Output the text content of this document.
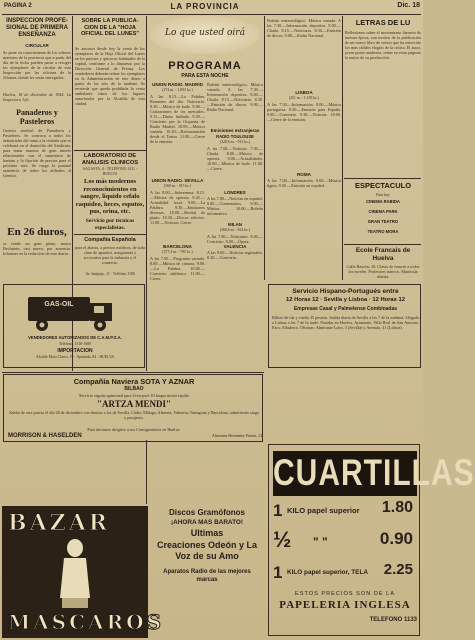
PAGINA 2	LA PROVINCIA	Dic. 18
INSPECCION PROFE-SIONAL DE PRIMERA ENSEÑANZA
CIRCULAR
Se pone en conocimiento de los señores maestros de la provincia que a partir del día de la fecha pueden pasar a recoger los ejemplares de la circular de esta Inspección por las oficinas de la Jefatura, donde les serán entregados.
Huelva, 18 de diciembre de 1944. La Inspectora Jefe.
Panaderos y Pasteleros
Gremio sindical de Panaderos y Pasteleros. Se convoca a todos los industriales del ramo a la reunión que se celebrará en el domicilio del Sindicato, para tratar asuntos de gran interés relacionados con el suministro de harinas y la fijación de precios para el próximo mes. Se ruega la puntual asistencia de todos los afiliados al Gremio.
En 26 duros,
se vende un gran piano, marca Bechstein, casi nuevo, por ausencia. Informes en la redacción de este diario.
GAS-OIL
VENDEDORES AUTORIZADOS DE C.A.M.P.S.A.
Teléfono, 1316-1680
IMPORTACION
Alcalde Mora Claros, 19 · Apartado, 84 · HUELVA
SOBRE LA PUBLICA-CION DE LA "HOJA OFICIAL DEL LUNES"
Se autoriza desde hoy la venta de los ejemplares de la Hoja Oficial del Lunes en los puestos y quioscos habituales de la capital, conforme a lo dispuesto por la Dirección General de Prensa. Los vendedores deberán retirar los ejemplares en la Administración de este diario a partir de las seis de la mañana. Se recuerda que queda prohibida la venta ambulante fuera de los lugares autorizados por la Alcaldía de esta ciudad.
LABORATORIO DE ANALISIS CLINICOS
SAGASTA, 4 - TELEFONO 1411 - HUELVA
Los más modernos reconocimientos en sangre, líquido cefalo raquídeo, heces, esputos, pus, orina, etc.
Servicio por técnicos especialistas.
Compañía Española
para el abasto, a precios módicos, de toda clase de aparatos, maquinaria y accesorios para la industria y el comercio.
Av. Sanjurjo, 11 · Teléfono 1180
Lo que usted oirá
PROGRAMA
PARA ESTA NOCHE
UNION RADIO. MADRID
(274 m. - 1.093 kc.)
A las 8.15.—La Palabra. Resumen del día. Noticiario. 8.30.—Música de baile. 9.00.—Cotizaciones de los mercados. 9.15.—Diario hablado. 9.30.—Concierto por la Orquesta de Radio Madrid. 10.00.—Música variada. 10.30.—Retransmisión desde el Teatro. 11.00.—Cierre de la emisión.
UNION RADIO. SEVILLA
(368 m. - 815 kc.)
A las 8.00.—Sobremesa. 8.15.—Música de opereta. 8.45.—Actualidad local. 9.00.—La Palabra. 9.30.—Emisiones diversas. 10.00.—Recital de piano. 10.30.—Discos selectos. 11.00.—Noticias. Cierre.
BARCELONA
(377,4 m. - 795 kc.)
A las 7.00.—Programa variado. 8.00.—Música de cámara. 9.00.—La Palabra. 10.00.—Concierto sinfónico. 11.00.—Cierre.
VALENCIA
A las 8.00.—Noticias regionales. 8.30.—Concierto.
Boletín meteorológico. Música variada. A las 7.30.—Información deportiva. 8.00.—Charla. 8.15.—Noticiario. 8.30.—Emisión de discos. 9.00.—Radio Nacional.
Emisiones extranjeras
RADIO TOULOUSE
(328,6 m. - 913 kc.)
A las 7.00.—Noticias. 7.30.—Charla. 8.00.—Música de opereta. 9.00.—Actualidades. 10.00.—Música de baile. 11.00.—Cierre.
LONDRES
A las 7.00.—Noticias en español. 8.00.—Comentarios. 9.00.—Música. 10.00.—Boletín informativo.
MILAN
(368,6 m. - 814 kc.)
A las 7.00.—Noticiario. 8.00.—Concierto. 9.00.—Ópera.
Boletín meteorológico. Música variada. A las 7.30.—Información deportiva. 8.00.—Charla. 8.15.—Noticiario. 8.30.—Emisión de discos. 9.00.—Radio Nacional.
LISBOA
(251 m. - 1.195 kc.)
A las 7.30.—Información. 8.00.—Música portuguesa. 8.30.—Emisión para España. 9.00.—Concierto. 9.30.—Noticias. 10.00.—Cierre de la emisión.
ROMA
A las 7.00.—Información. 8.00.—Música ligera. 9.00.—Emisión en español.
LETRAS DE LU
Reflexiones sobre el movimiento literario de nuestra época, con motivo de la publicación de un nuevo libro de versos que ha merecido los más cálidos elogios de la crítica. El autor, joven poeta onubense, reúne en estas páginas lo mejor de su producción.
ESPECTACULO
Para hoy
CINEMA RABIDA
CINEMA PARK
GRAN TEATRO
TEATRO MORA
Ecole Francais de Huelva
Calle Rascón, 18. Clases de francés a todos los niveles. Profesores nativos. Matrícula abierta.
Servicio Hispano-Portugués entre
12 Horas 12 · Sevilla y Lisboa · 12 Horas 12
Empresas Casal y Palmelense Combinadas
Billete de ida y vuelta 45 pesetas. Salida diaria de Sevilla a las 7 de la mañana. Llegada a Lisboa a las 7 de la tarde. Paradas en Huelva, Ayamonte, Villa Real de San Antonio, Faro, Albufeira. Oficinas: Almirante Lobo, 3 (Sevilla) y Avenida, 41 (Lisboa).
Compañía Naviera SOTA Y AZNAR
BILBAO
Servicio regular quincenal para Liverpool. El buque motor rápido
"ARTZA MENDI"
Saldrá de este puerto el día 28 de diciembre con destino a los de Sevilla, Cádiz, Málaga, Almería, Valencia, Tarragona y Barcelona, admitiendo carga y pasajeros.
Para informes dirigirse a sus Consignatarios en Huelva:
MORRISON & HASELDEN	Almirante Hernández Pinzón, 23
BAZAR
MASCAROS
Discos Gramófonos
¡AHORA MAS BARATO!
Ultimas
Creaciones Odeón y La Voz de su Amo
Aparatos Radio de las mejores marcas
CUARTILLAS
1 KILO papel superior 1.80
½ " "	0.90
1 KILO papel superior, TELA 2.25
ESTOS PRECIOS SON DE LA
PAPELERIA INGLESA
TELEFONO 1133
